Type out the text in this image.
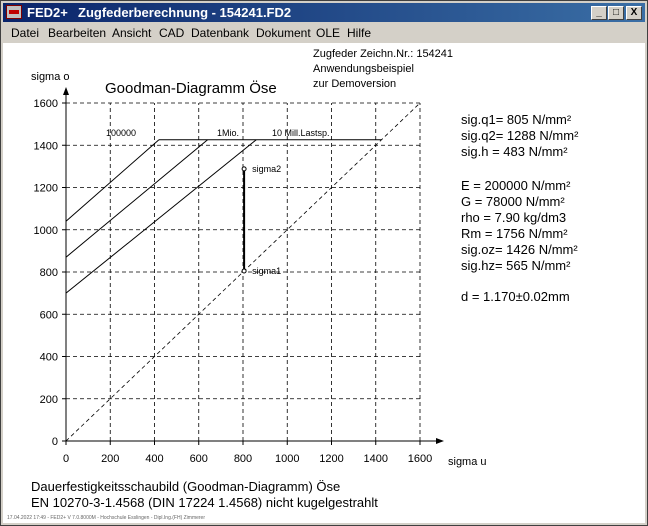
FED2+ Zugfederberechnung - 154241.FD2	_	□	X
Datei Bearbeiten Ansicht CAD Datenbank Dokument OLE Hilfe
Zugfeder Zeichn.Nr.: 154241
Anwendungsbeispiel
zur Demoversion
0	200 400 600 800 1000 1200 1400 1600
0
200
400
600
800
1000
1200
1400
1600
sigma u
sigma o
Goodman-Diagramm Öse
100000	1Mio.	10 Mill.Lastsp.
sigma1
sigma2
sig.q1= 805 N/mm²
sig.q2= 1288 N/mm²
sig.h = 483 N/mm²
E = 200000 N/mm²
G = 78000 N/mm²
rho = 7.90 kg/dm3
Rm = 1756 N/mm²
sig.oz= 1426 N/mm²
sig.hz= 565 N/mm²
d = 1.170±0.02mm
Dauerfestigkeitsschaubild (Goodman-Diagramm) Öse
EN 10270-3-1.4568 (DIN 17224 1.4568) nicht kugelgestrahlt
17.04.2022 17:49 - FED2+ V 7.0.8000M - Hochschule Esslingen - Dipl.Ing.(FH) Zimmerer
